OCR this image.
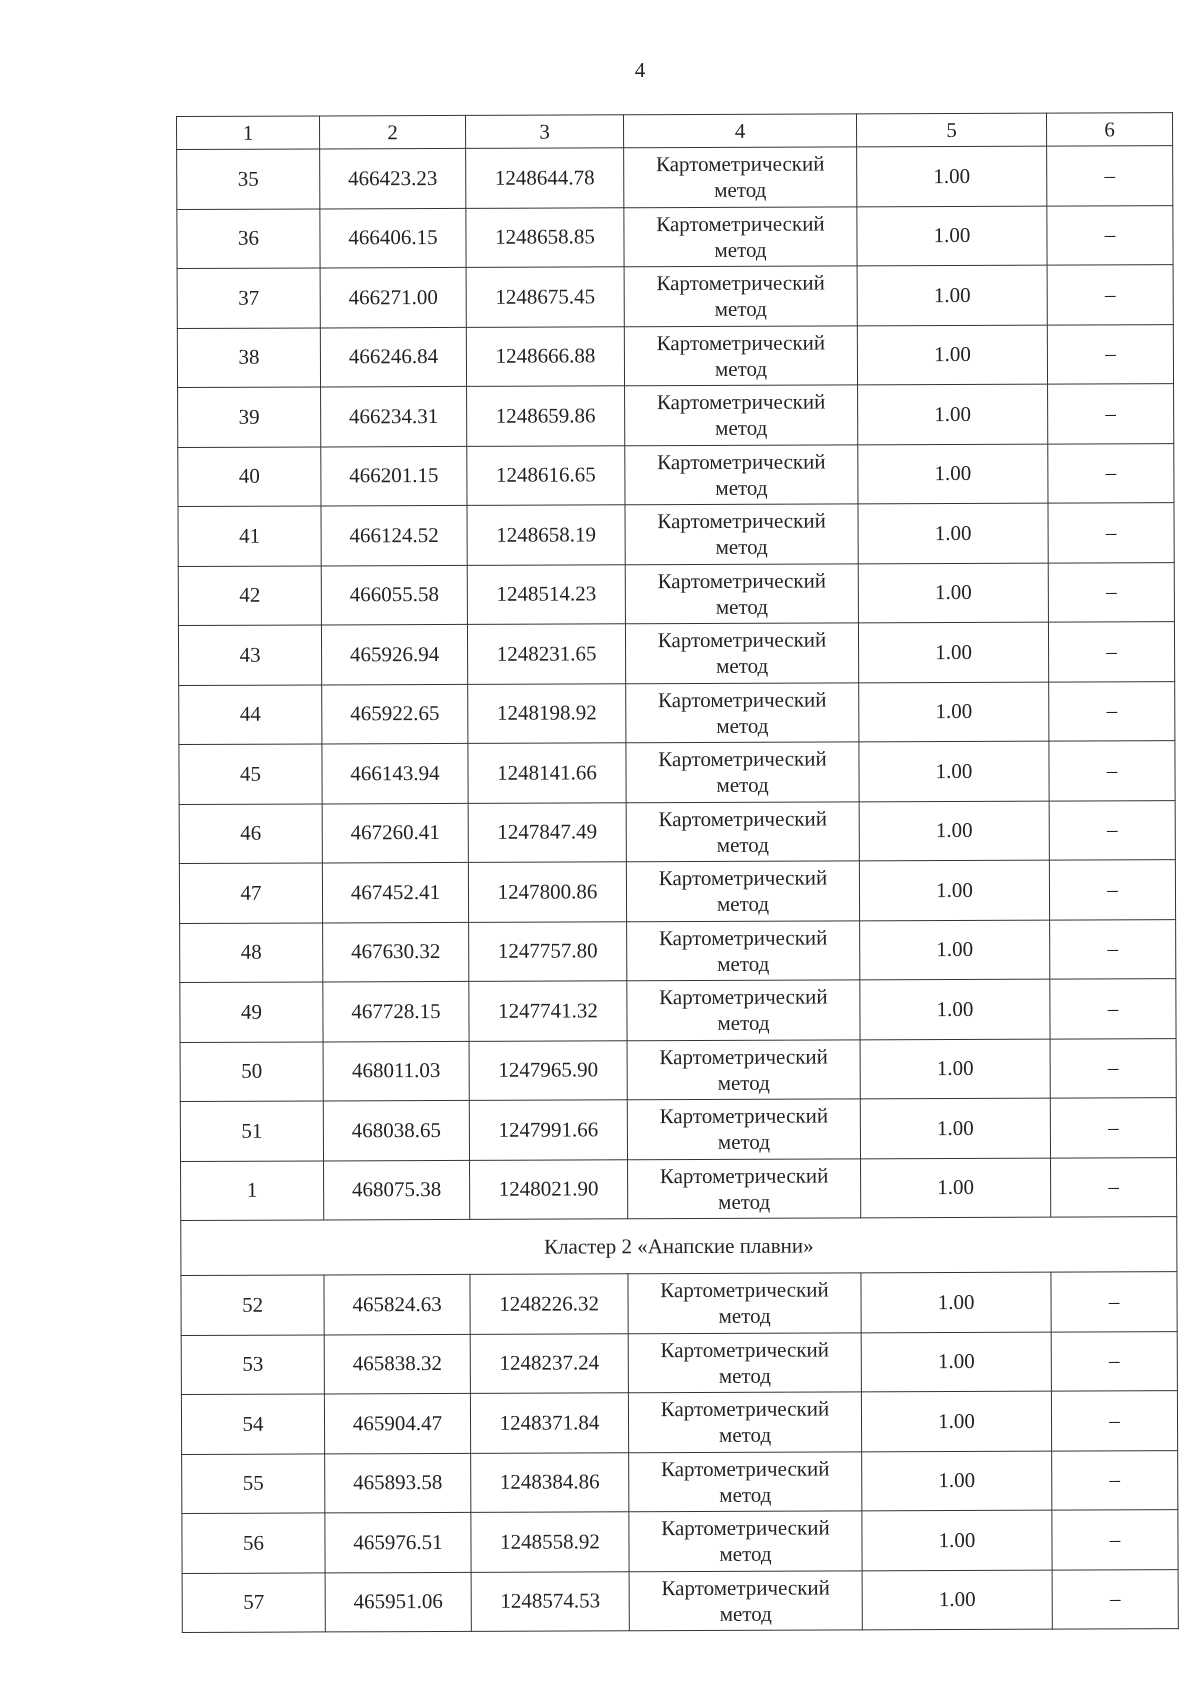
4
1	2	3	4	5	6
35	466423.23	1248644.78	Картометрический
метод	1.00	–
36	466406.15	1248658.85	Картометрический
метод	1.00	–
37	466271.00	1248675.45	Картометрический
метод	1.00	–
38	466246.84	1248666.88	Картометрический
метод	1.00	–
39	466234.31	1248659.86	Картометрический
метод	1.00	–
40	466201.15	1248616.65	Картометрический
метод	1.00	–
41	466124.52	1248658.19	Картометрический
метод	1.00	–
42	466055.58	1248514.23	Картометрический
метод	1.00	–
43	465926.94	1248231.65	Картометрический
метод	1.00	–
44	465922.65	1248198.92	Картометрический
метод	1.00	–
45	466143.94	1248141.66	Картометрический
метод	1.00	–
46	467260.41	1247847.49	Картометрический
метод	1.00	–
47	467452.41	1247800.86	Картометрический
метод	1.00	–
48	467630.32	1247757.80	Картометрический
метод	1.00	–
49	467728.15	1247741.32	Картометрический
метод	1.00	–
50	468011.03	1247965.90	Картометрический
метод	1.00	–
51	468038.65	1247991.66	Картометрический
метод	1.00	–
1	468075.38	1248021.90	Картометрический
метод	1.00	–
Кластер 2 «Анапские плавни»					
52	465824.63	1248226.32	Картометрический
метод	1.00	–
53	465838.32	1248237.24	Картометрический
метод	1.00	–
54	465904.47	1248371.84	Картометрический
метод	1.00	–
55	465893.58	1248384.86	Картометрический
метод	1.00	–
56	465976.51	1248558.92	Картометрический
метод	1.00	–
57	465951.06	1248574.53	Картометрический
метод	1.00	–
